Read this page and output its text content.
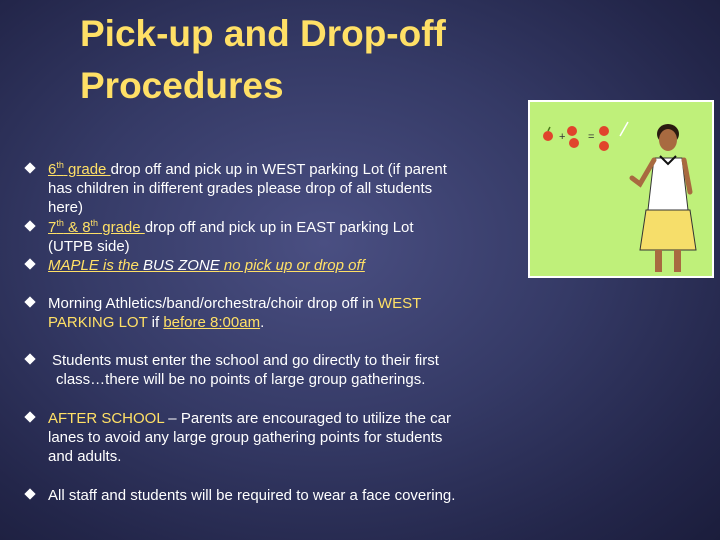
Pick-up and Drop-off
Procedures
6th grade drop off and pick up in WEST parking Lot (if parent
has children in different grades please drop of all students
here)
7th & 8th grade drop off and pick up in EAST parking Lot
(UTPB side)
MAPLE is the BUS ZONE no pick up or drop off
Morning Athletics/band/orchestra/choir drop off in WEST
PARKING LOT if before 8:00am.
Students must enter the school and go directly to their first
class…there will be no points of large group gatherings.
AFTER SCHOOL – Parents are encouraged to utilize the car
lanes to avoid any large group gathering points for students
and adults.
All staff and students will be required to wear a face covering.
+ =
